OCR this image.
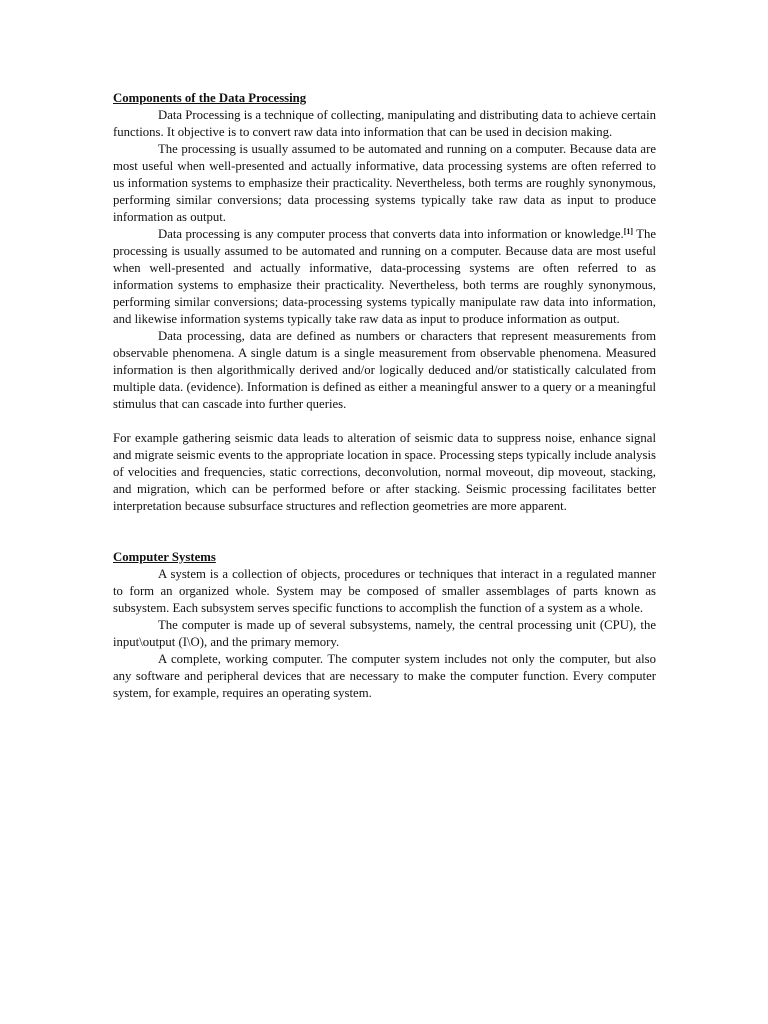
Components of the Data Processing

Data Processing is a technique of collecting, manipulating and distributing data to achieve certain functions. It objective is to convert raw data into information that can be used in decision making.

The processing is usually assumed to be automated and running on a computer. Because data are most useful when well-presented and actually informative, data processing systems are often referred to us information systems to emphasize their practicality. Nevertheless, both terms are roughly synonymous, performing similar conversions; data processing systems typically take raw data as input to produce information as output.

Data processing is any computer process that converts data into information or knowledge.[1] The processing is usually assumed to be automated and running on a computer. Because data are most useful when well-presented and actually informative, data-processing systems are often referred to as information systems to emphasize their practicality. Nevertheless, both terms are roughly synonymous, performing similar conversions; data-processing systems typically manipulate raw data into information, and likewise information systems typically take raw data as input to produce information as output.

Data processing, data are defined as numbers or characters that represent measurements from observable phenomena. A single datum is a single measurement from observable phenomena. Measured information is then algorithmically derived and/or logically deduced and/or statistically calculated from multiple data. (evidence). Information is defined as either a meaningful answer to a query or a meaningful stimulus that can cascade into further queries.

For example gathering seismic data leads to alteration of seismic data to suppress noise, enhance signal and migrate seismic events to the appropriate location in space. Processing steps typically include analysis of velocities and frequencies, static corrections, deconvolution, normal moveout, dip moveout, stacking, and migration, which can be performed before or after stacking. Seismic processing facilitates better interpretation because subsurface structures and reflection geometries are more apparent.

Computer Systems

A system is a collection of objects, procedures or techniques that interact in a regulated manner to form an organized whole. System may be composed of smaller assemblages of parts known as subsystem. Each subsystem serves specific functions to accomplish the function of a system as a whole.

The computer is made up of several subsystems, namely, the central processing unit (CPU), the input\output (I\O), and the primary memory.

A complete, working computer. The computer system includes not only the computer, but also any software and peripheral devices that are necessary to make the computer function. Every computer system, for example, requires an operating system.
